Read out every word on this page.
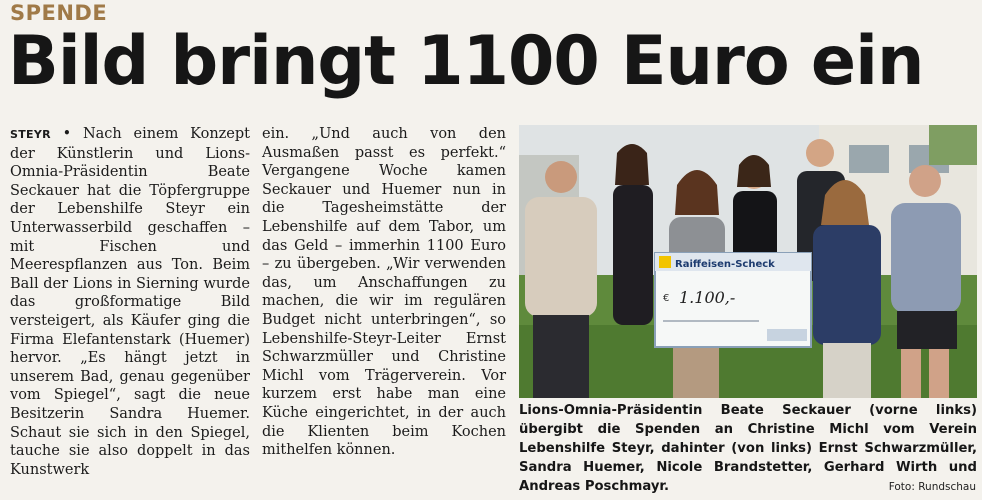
SPENDE
Bild bringt 1100 Euro ein

STEYR • Nach einem Konzept der Künstlerin und Lions-Omnia-Präsidentin Beate Seckauer hat die Töpfergruppe der Lebenshilfe Steyr ein Unterwasserbild geschaffen – mit Fischen und Meerespflanzen aus Ton. Beim Ball der Lions in Sierning wurde das großformatige Bild versteigert, als Käufer ging die Firma Elefantenstark (Huemer) hervor. „Es hängt jetzt in unserem Bad, genau gegenüber vom Spiegel“, sagt die neue Besitzerin Sandra Huemer. Schaut sie sich in den Spiegel, tauche sie also doppelt in das Kunstwerk

ein. „Und auch von den Ausmaßen passt es perfekt.“ Vergangene Woche kamen Seckauer und Huemer nun in die Tagesheimstätte der Lebenshilfe auf dem Tabor, um das Geld – immerhin 1100 Euro – zu übergeben. „Wir verwenden das, um Anschaffungen zu machen, die wir im regulären Budget nicht unterbringen“, so Lebenshilfe-Steyr-Leiter Ernst Schwarzmüller und Christine Michl vom Trägerverein. Vor kurzem erst habe man eine Küche eingerichtet, in der auch die Klienten beim Kochen mithelfen können.

Raiffeisen-Scheck
€ 1.100,-
Lions-Omnia-Präsidentin Beate Seckauer (vorne links) übergibt die Spenden an Christine Michl vom Verein Lebenshilfe Steyr, dahinter (von links) Ernst Schwarzmüller, Sandra Huemer, Nicole Brandstetter, Gerhard Wirth und Andreas Poschmayr.	Foto: Rundschau
